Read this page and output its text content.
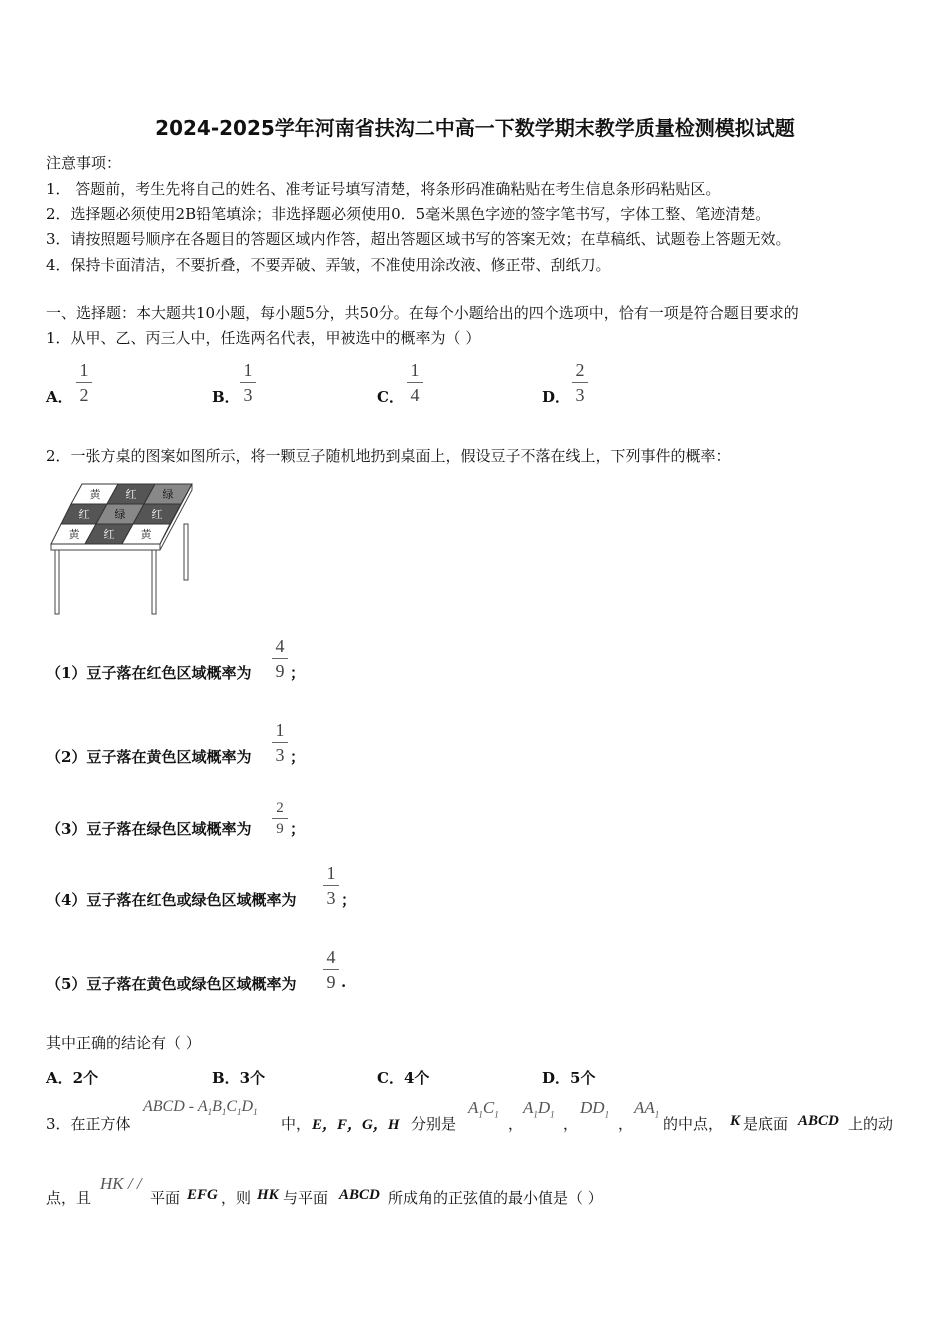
2024-2025学年河南省扶沟二中高一下数学期末教学质量检测模拟试题
注意事项：
1． 答题前，考生先将自己的姓名、准考证号填写清楚，将条形码准确粘贴在考生信息条形码粘贴区。
2．选择题必须使用2B铅笔填涂；非选择题必须使用0．5毫米黑色字迹的签字笔书写，字体工整、笔迹清楚。
3．请按照题号顺序在各题目的答题区域内作答，超出答题区域书写的答案无效；在草稿纸、试题卷上答题无效。
4．保持卡面清洁，不要折叠，不要弄破、弄皱，不准使用涂改液、修正带、刮纸刀。
一、选择题：本大题共10小题，每小题5分，共50分。在每个小题给出的四个选项中，恰有一项是符合题目要求的
1．从甲、乙、丙三人中，任选两名代表，甲被选中的概率为（ ）
A．
1
2	B．
1
3	C．
1
4	D．
2
3
2．一张方桌的图案如图所示，将一颗豆子随机地扔到桌面上，假设豆子不落在线上，下列事件的概率：
黄 红 绿
红 绿 红
黄 红 黄
（1）豆子落在红色区域概率为
4
9 ；
（2）豆子落在黄色区域概率为
1
3 ；
（3）豆子落在绿色区域概率为
2
9 ；
（4）豆子落在红色或绿色区域概率为
1
3 ；
（5）豆子落在黄色或绿色区域概率为
4
9 .
其中正确的结论有（ ）
A．2个	B．3个	C．4个	D．5个
3．在正方体
ABCD - $A_1B_1C_1D_1$
中， E，F，G，H 分别是
$A_1C_1$
，
$A_1D_1$
，
$DD_1$
，
$AA_1$
的中点， K 是底面 ABCD 上的动
点，且
HK / /
平面 EFG ，则 HK 与平面 ABCD 所成角的正弦值的最小值是（ ）
